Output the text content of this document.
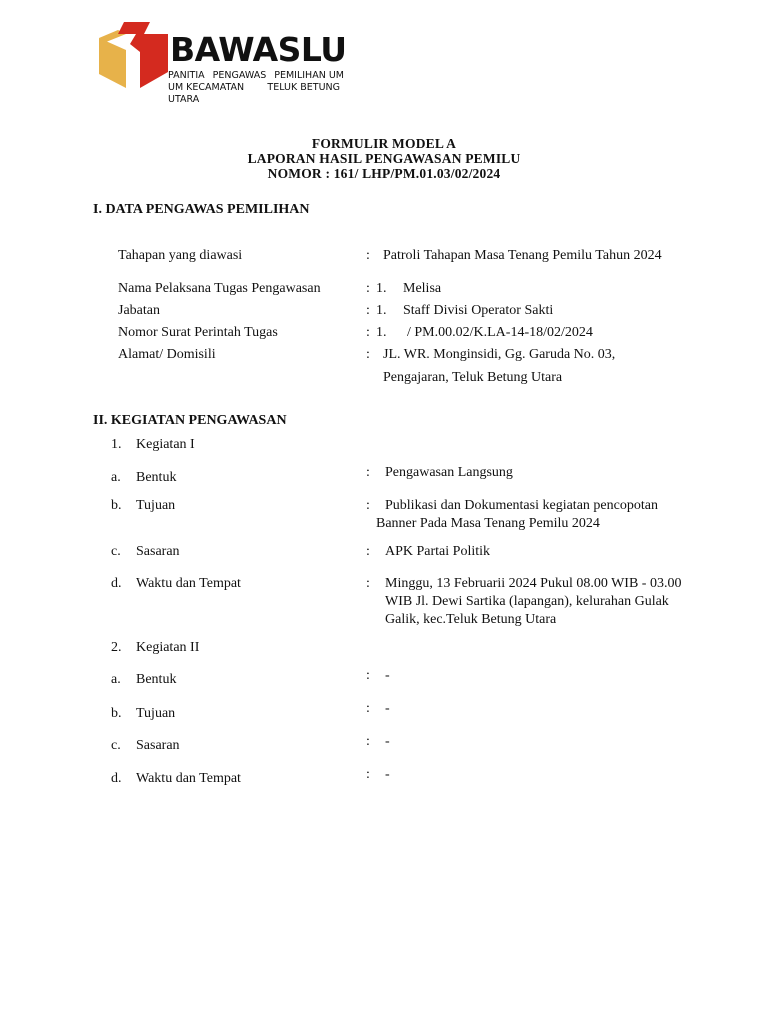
BAWASLU
PANITIA PENGAWAS PEMILIHAN UM
UM KECAMATAN TELUK BETUNG
UTARA
FORMULIR MODEL A
LAPORAN HASIL PENGAWASAN PEMILU
NOMOR : 161/ LHP/PM.01.03/02/2024
I. DATA PENGAWAS PEMILIHAN
Tahapan yang diawasi	: Patroli Tahapan Masa Tenang Pemilu Tahun 2024
Nama Pelaksana Tugas Pengawasan	: 1. Melisa
Jabatan	: 1. Staff Divisi Operator Sakti
Nomor Surat Perintah Tugas	: 1. / PM.00.02/K.LA-14-18/02/2024
Alamat/ Domisili	: JL. WR. Monginsidi, Gg. Garuda No. 03,
Pengajaran, Teluk Betung Utara
II. KEGIATAN PENGAWASAN
1. Kegiatan I
a. Bentuk	: Pengawasan Langsung
b. Tujuan	: Publikasi dan Dokumentasi kegiatan pencopotan
Banner Pada Masa Tenang Pemilu 2024
c. Sasaran	: APK Partai Politik
d. Waktu dan Tempat	: Minggu, 13 Februarii 2024 Pukul 08.00 WIB - 03.00
WIB Jl. Dewi Sartika (lapangan), kelurahan Gulak
Galik, kec.Teluk Betung Utara
2. Kegiatan II
a. Bentuk	: -
b. Tujuan	: -
c. Sasaran	: -
d. Waktu dan Tempat	: -
